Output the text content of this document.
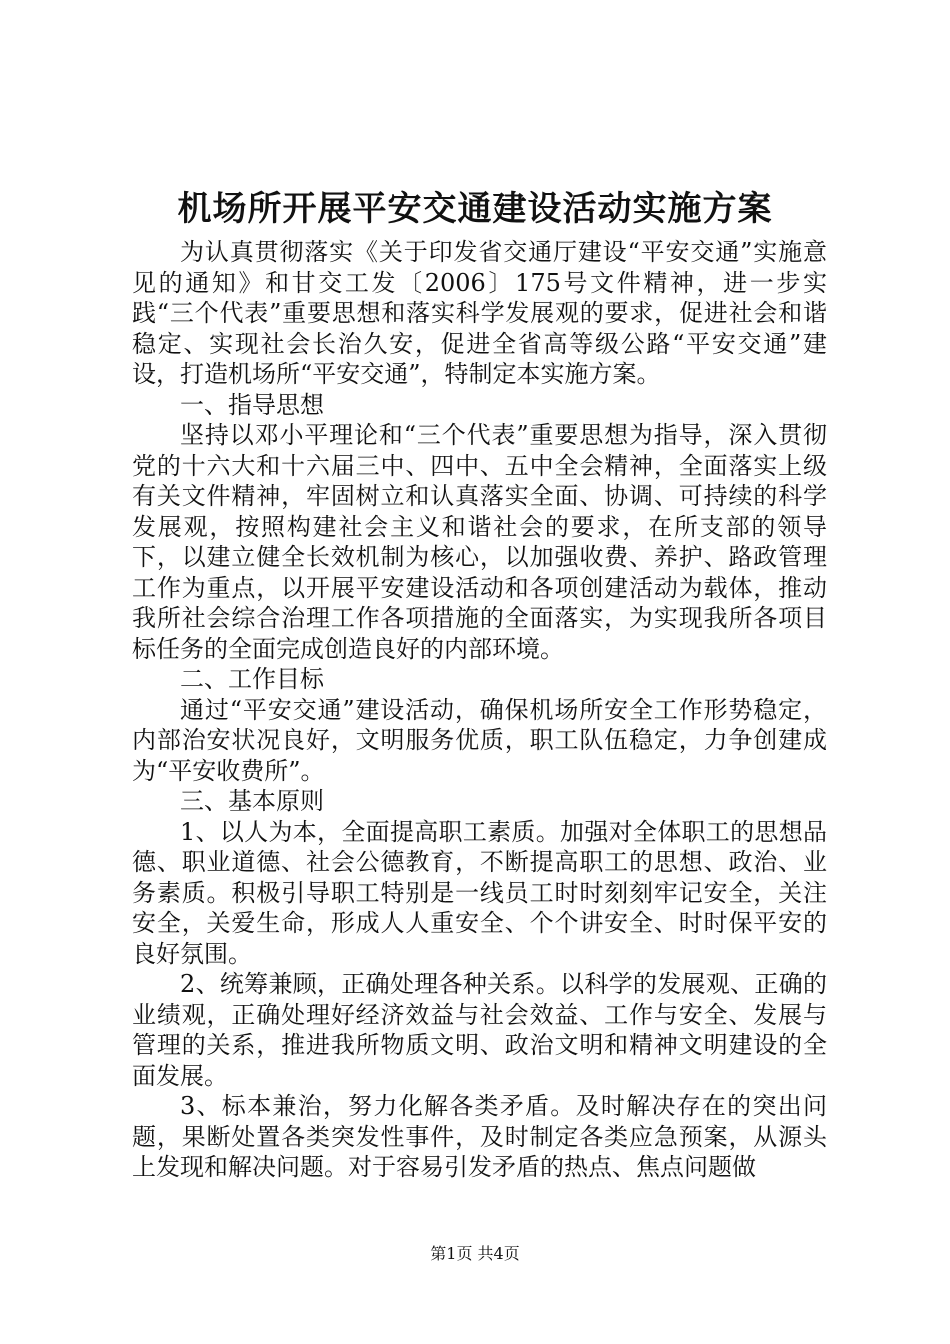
机场所开展平安交通建设活动实施方案

为认真贯彻落实《关于印发省交通厅建设“平安交通”实施意见的通知》和甘交工发〔2006〕175号文件精神，进一步实践“三个代表”重要思想和落实科学发展观的要求，促进社会和谐稳定、实现社会长治久安，促进全省高等级公路“平安交通”建设，打造机场所“平安交通”，特制定本实施方案。

一、指导思想

坚持以邓小平理论和“三个代表”重要思想为指导，深入贯彻党的十六大和十六届三中、四中、五中全会精神，全面落实上级有关文件精神，牢固树立和认真落实全面、协调、可持续的科学发展观，按照构建社会主义和谐社会的要求，在所支部的领导下，以建立健全长效机制为核心，以加强收费、养护、路政管理工作为重点，以开展平安建设活动和各项创建活动为载体，推动我所社会综合治理工作各项措施的全面落实，为实现我所各项目标任务的全面完成创造良好的内部环境。

二、工作目标

通过“平安交通”建设活动，确保机场所安全工作形势稳定，内部治安状况良好，文明服务优质，职工队伍稳定，力争创建成为“平安收费所”。

三、基本原则

1、以人为本，全面提高职工素质。加强对全体职工的思想品德、职业道德、社会公德教育，不断提高职工的思想、政治、业务素质。积极引导职工特别是一线员工时时刻刻牢记安全，关注安全，关爱生命，形成人人重安全、个个讲安全、时时保平安的良好氛围。

2、统筹兼顾，正确处理各种关系。以科学的发展观、正确的业绩观，正确处理好经济效益与社会效益、工作与安全、发展与管理的关系，推进我所物质文明、政治文明和精神文明建设的全面发展。

3、标本兼治，努力化解各类矛盾。及时解决存在的突出问题，果断处置各类突发性事件，及时制定各类应急预案，从源头上发现和解决问题。对于容易引发矛盾的热点、焦点问题做

第1页 共4页
